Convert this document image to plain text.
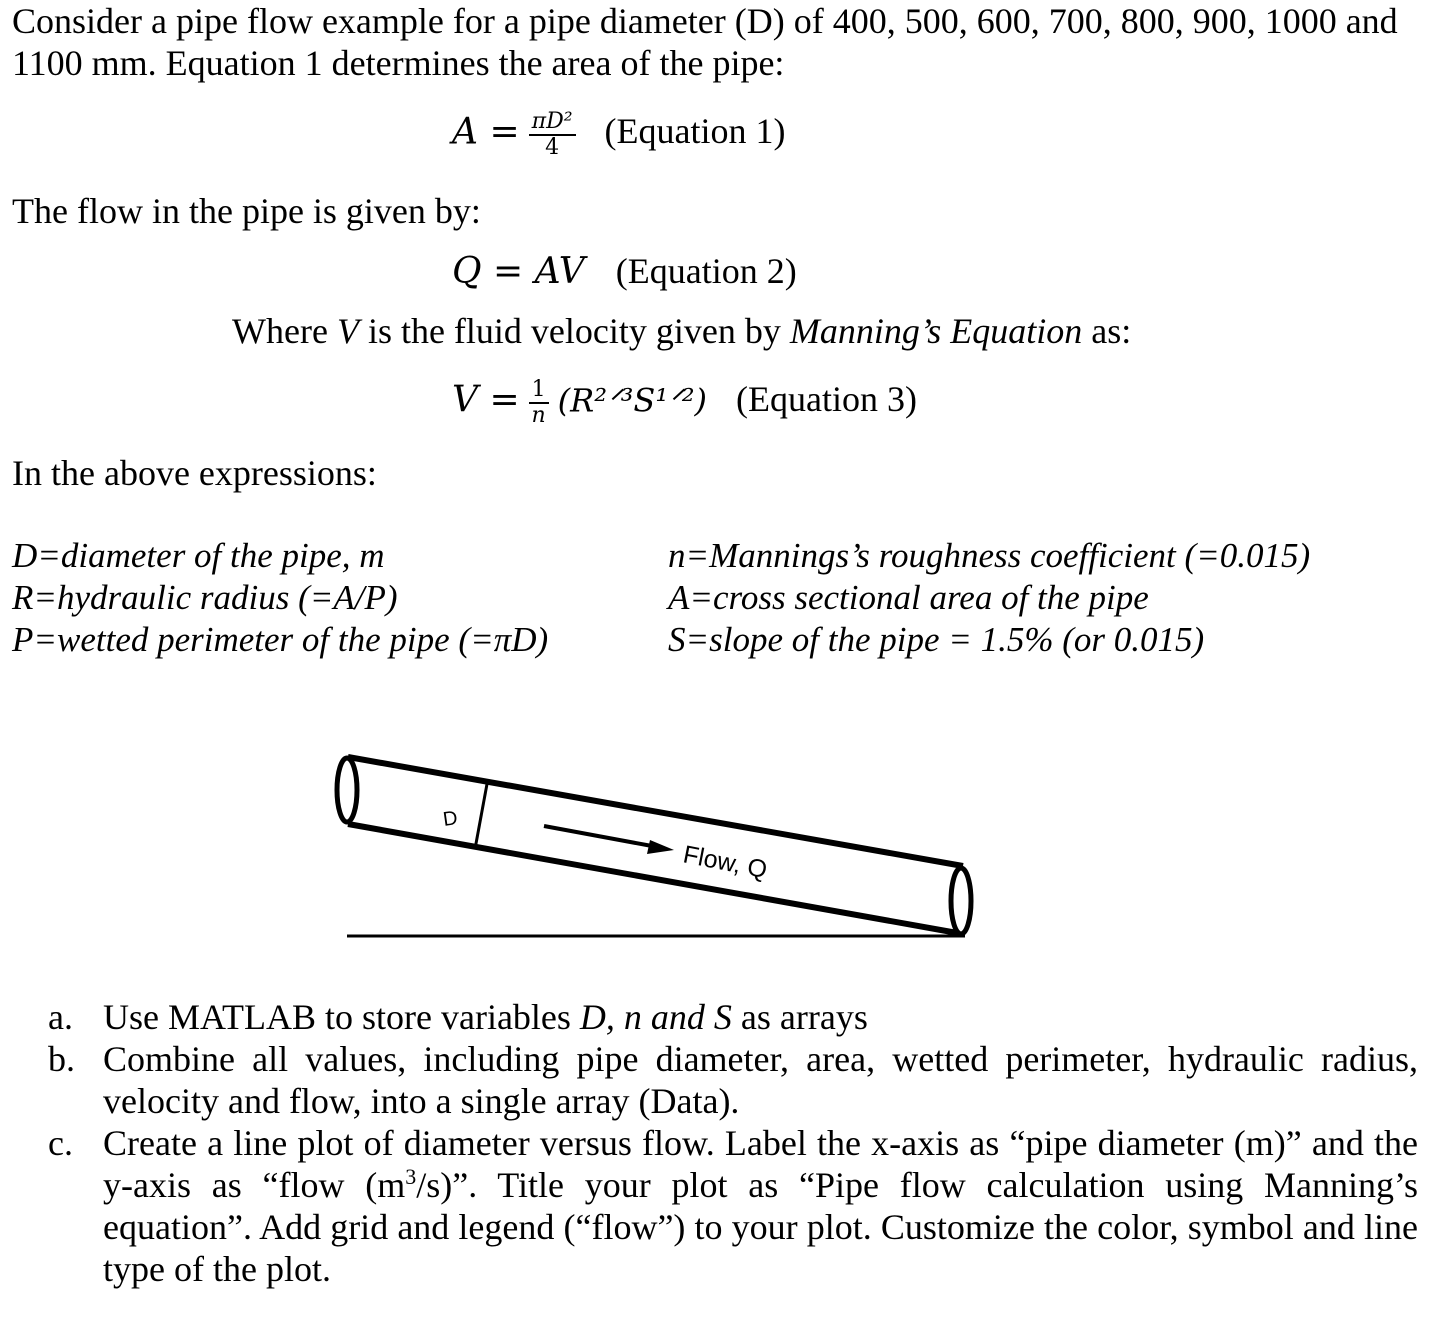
Consider a pipe flow example for a pipe diameter (D) of 400, 500, 600, 700, 800, 900, 1000 and

1100 mm. Equation 1 determines the area of the pipe:

$A = \frac{\text{πD²}}{4}$ (Equation 1)
The flow in the pipe is given by:
Q = AV (Equation 2)
Where V is the fluid velocity given by Manning’s Equation as:
$V = \frac{1}{n}$ (R²ᐟ³S¹ᐟ²) (Equation 3)
In the above expressions:
D=diameter of the pipe, m
R=hydraulic radius (=A/P)
P=wetted perimeter of the pipe (=πD)
n=Mannings’s roughness coefficient (=0.015)
A=cross sectional area of the pipe
S=slope of the pipe = 1.5% (or 0.015)
D
Flow, Q
a. Use MATLAB to store variables D, n and S as arrays
b. Combine all values, including pipe diameter, area, wetted perimeter, hydraulic radius, velocity and flow, into a single array (Data).
c. Create a line plot of diameter versus flow. Label the x-axis as “pipe diameter (m)” and the y-axis as “flow $(m^3/s)$”. Title your plot as “Pipe flow calculation using Manning’s equation”. Add grid and legend (“flow”) to your plot. Customize the color, symbol and line type of the plot.
